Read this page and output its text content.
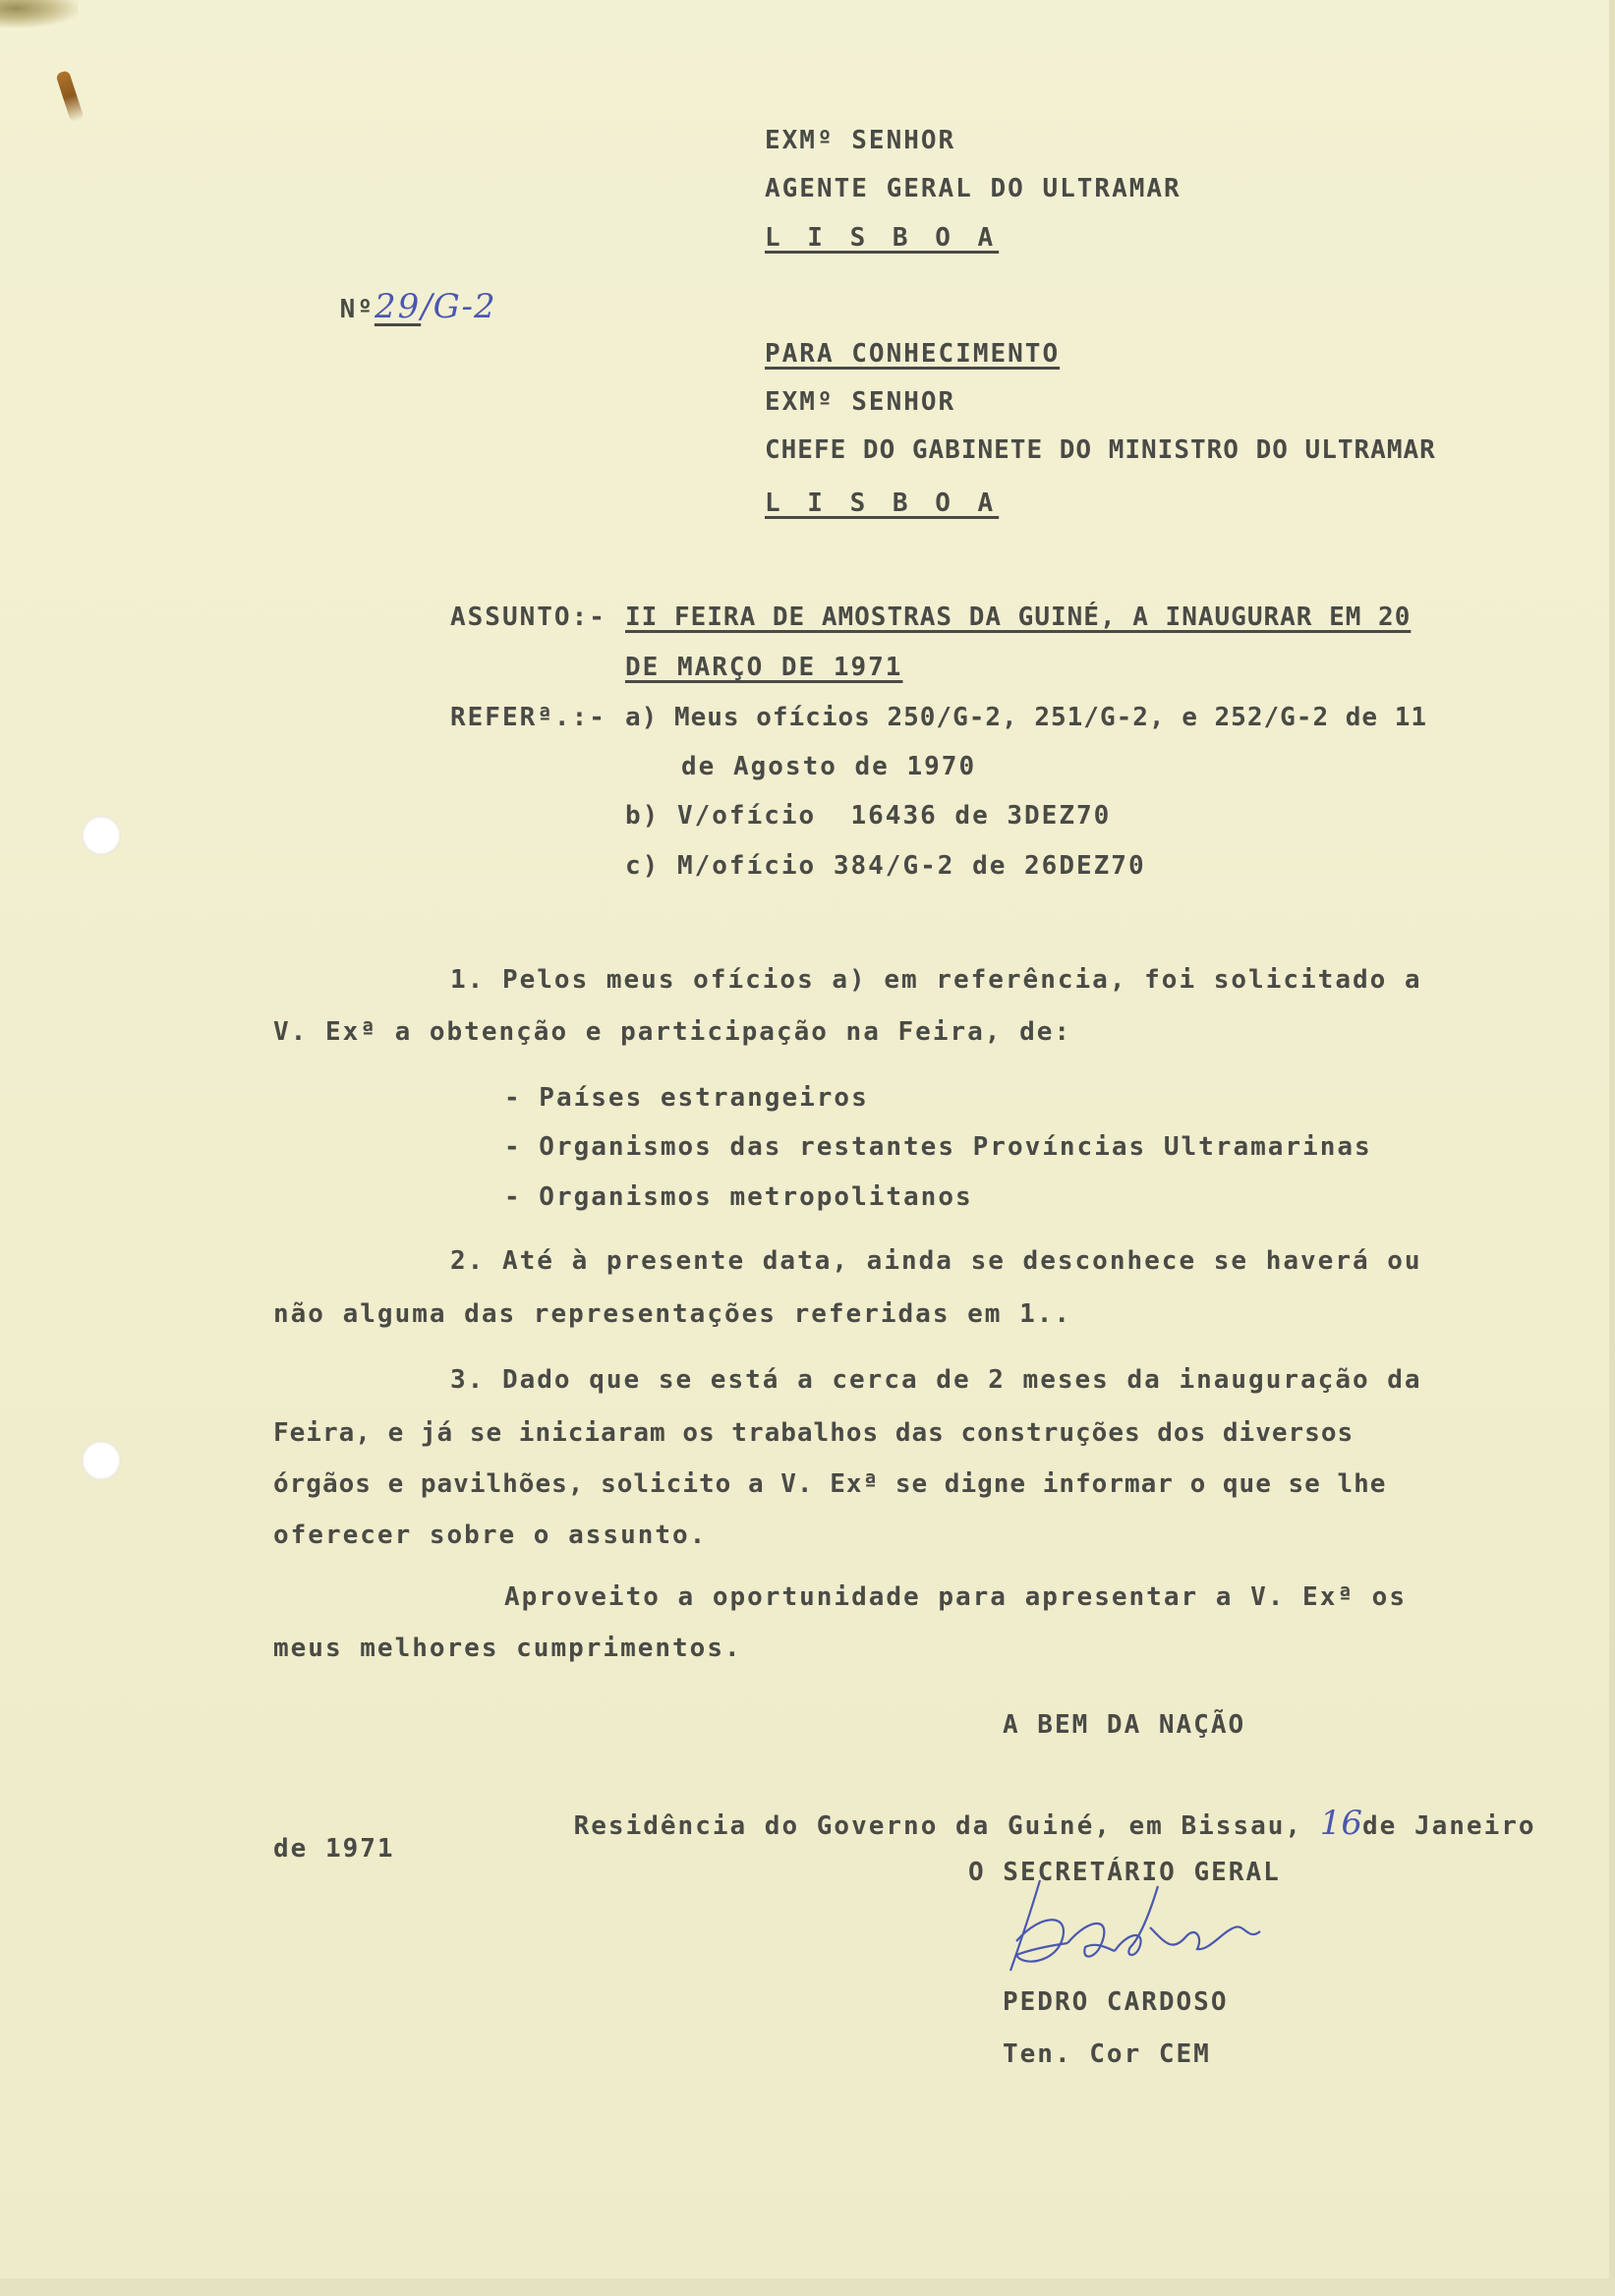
EXMº SENHOR
AGENTE GERAL DO ULTRAMAR
L I S B O A

Nº29/G-2

PARA CONHECIMENTO
EXMº SENHOR
CHEFE DO GABINETE DO MINISTRO DO ULTRAMAR
L I S B O A
ASSUNTO:- II FEIRA DE AMOSTRAS DA GUINÉ, A INAUGURAR EM 20
DE MARÇO DE 1971
REFERª.:- a) Meus ofícios 250/G-2, 251/G-2, e 252/G-2 de 11
de Agosto de 1970
b) V/ofício  16436 de 3DEZ70
c) M/ofício 384/G-2 de 26DEZ70
1. Pelos meus ofícios a) em referência, foi solicitado a
V. Exª a obtenção e participação na Feira, de:
- Países estrangeiros
- Organismos das restantes Províncias Ultramarinas
- Organismos metropolitanos
2. Até à presente data, ainda se desconhece se haverá ou
não alguma das representações referidas em 1..
3. Dado que se está a cerca de 2 meses da inauguração da
Feira, e já se iniciaram os trabalhos das construções dos diversos
órgãos e pavilhões, solicito a V. Exª se digne informar o que se lhe
oferecer sobre o assunto.
Aproveito a oportunidade para apresentar a V. Exª os
meus melhores cumprimentos.
A BEM DA NAÇÃO

Residência do Governo da Guiné, em Bissau, 16de Janeiro

de 1971
O SECRETÁRIO GERAL
PEDRO CARDOSO
Ten. Cor CEM
